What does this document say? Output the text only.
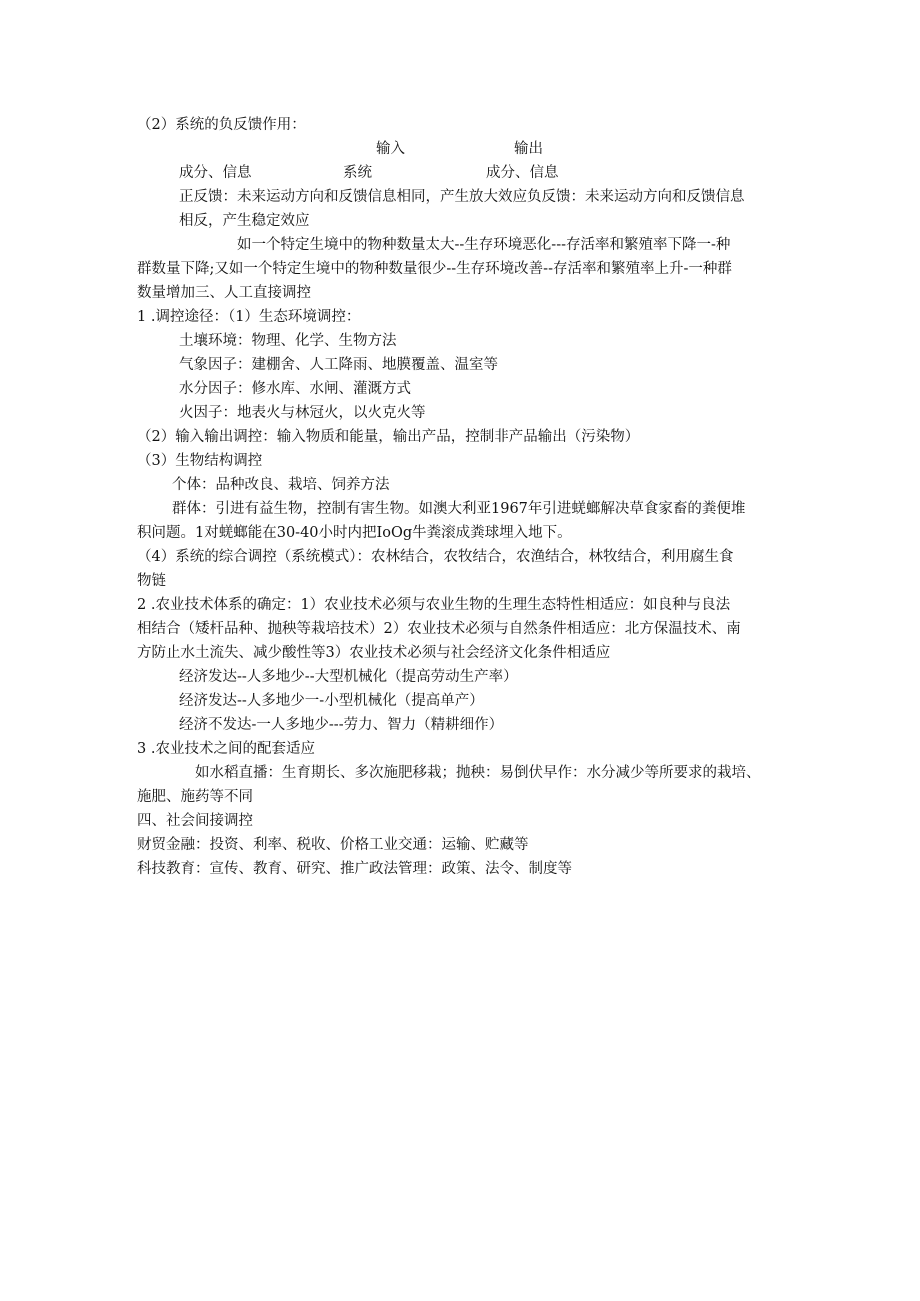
（2）系统的负反馈作用：
输入	输出
成分、信息	系统	成分、信息
正反馈：未来运动方向和反馈信息相同，产生放大效应负反馈：未来运动方向和反馈信息
相反，产生稳定效应
如一个特定生境中的物种数量太大--生存环境恶化---存活率和繁殖率下降一-种
群数量下降;又如一个特定生境中的物种数量很少--生存环境改善--存活率和繁殖率上升-一种群
数量增加三、人工直接调控
1 .调控途径：（1）生态环境调控：
土壤环境：物理、化学、生物方法
气象因子：建棚舍、人工降雨、地膜覆盖、温室等
水分因子：修水库、水闸、灌溉方式
火因子：地表火与林冠火，以火克火等
（2）输入输出调控：输入物质和能量，输出产品，控制非产品输出（污染物）
（3）生物结构调控
个体：品种改良、栽培、饲养方法
群体：引进有益生物，控制有害生物。如澳大利亚1967年引进蜣螂解决草食家畜的粪便堆
积问题。1对蜣螂能在30-40小时内把IoOg牛粪滚成粪球埋入地下。
（4）系统的综合调控（系统模式）：农林结合，农牧结合，农渔结合，林牧结合，利用腐生食
物链
2 .农业技术体系的确定：1）农业技术必须与农业生物的生理生态特性相适应：如良种与良法
相结合（矮杆品种、抛秧等栽培技术）2）农业技术必须与自然条件相适应：北方保温技术、南
方防止水土流失、减少酸性等3）农业技术必须与社会经济文化条件相适应
经济发达--人多地少--大型机械化（提高劳动生产率）
经济发达--人多地少一-小型机械化（提高单产）
经济不发达-一人多地少---劳力、智力（精耕细作）
3 .农业技术之间的配套适应
如水稻直播：生育期长、多次施肥移栽；抛秧：易倒伏早作：水分减少等所要求的栽培、
施肥、施药等不同
四、社会间接调控
财贸金融：投资、利率、税收、价格工业交通：运输、贮藏等
科技教育：宣传、教育、研究、推广政法管理：政策、法令、制度等
